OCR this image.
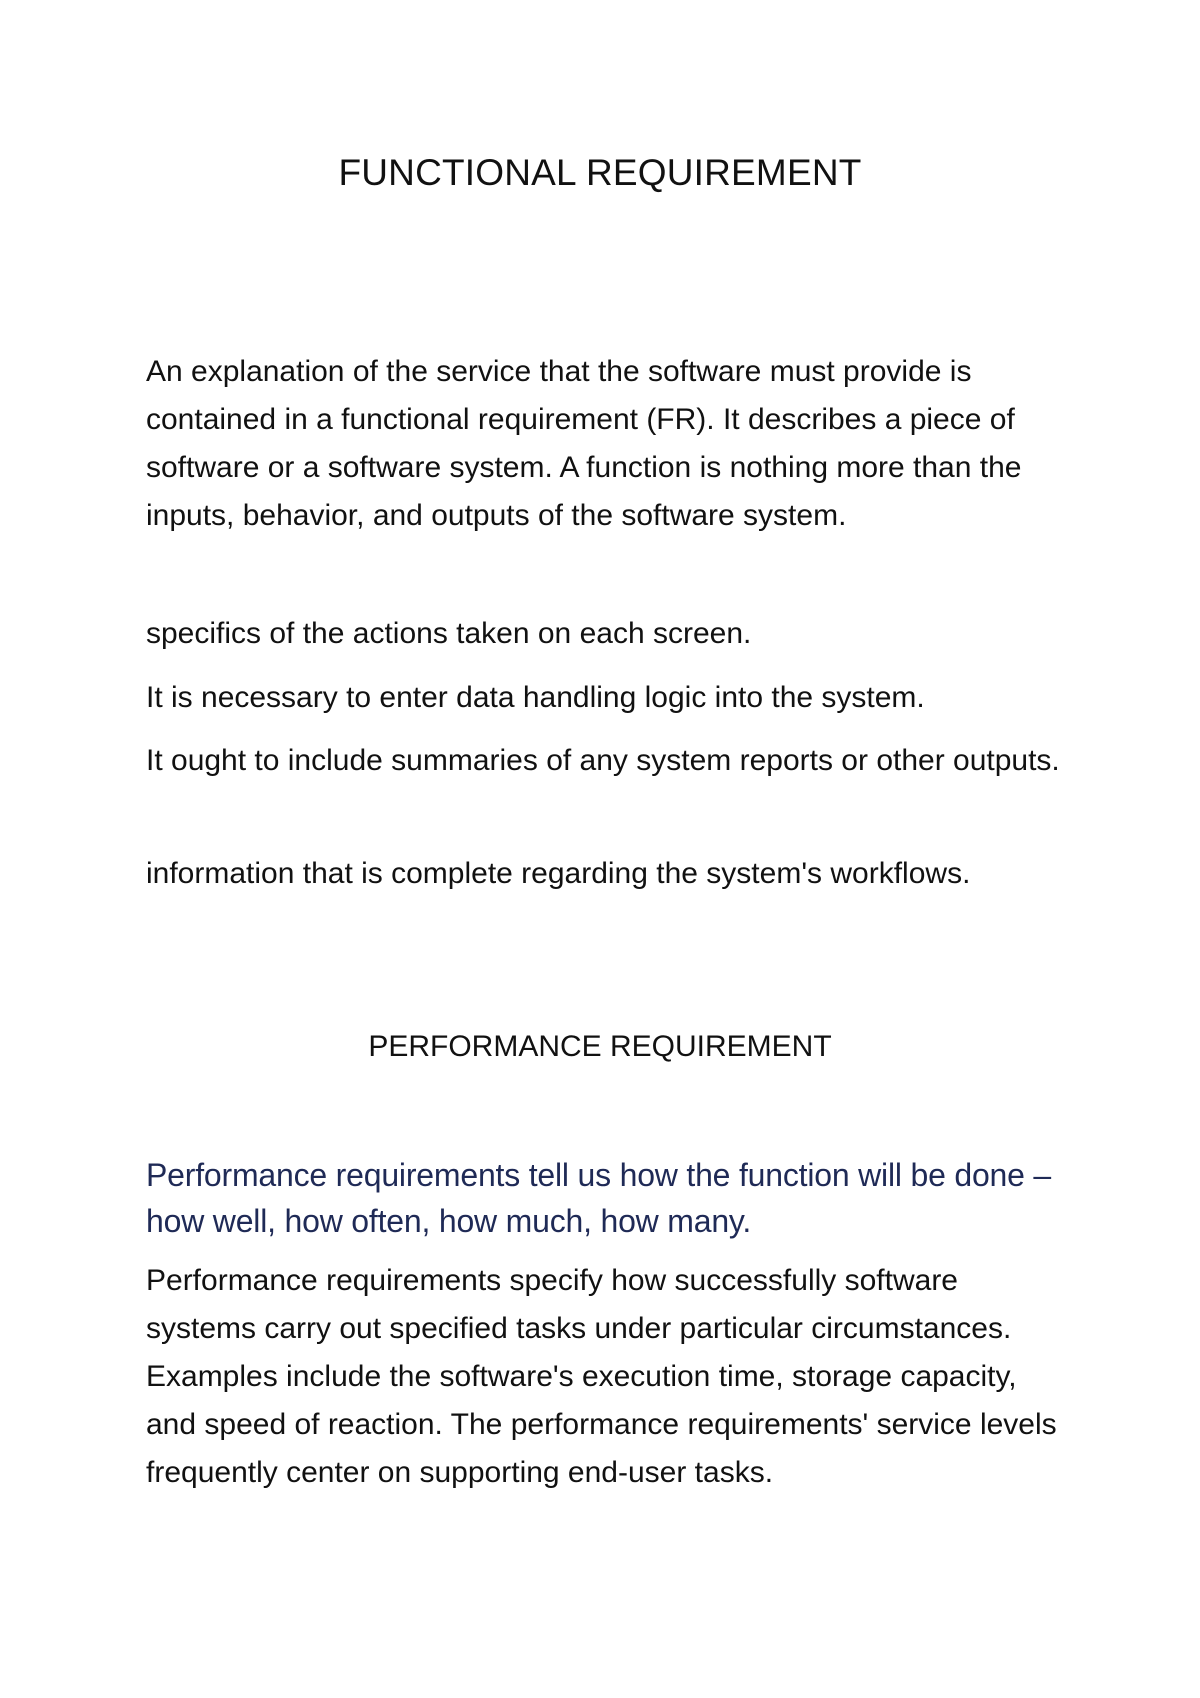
FUNCTIONAL REQUIREMENT

An explanation of the service that the software must provide is contained in a functional requirement (FR). It describes a piece of software or a software system. A function is nothing more than the inputs, behavior, and outputs of the software system.

specifics of the actions taken on each screen.

It is necessary to enter data handling logic into the system.

It ought to include summaries of any system reports or other outputs.

information that is complete regarding the system's workflows.

PERFORMANCE REQUIREMENT

Performance requirements tell us how the function will be done – how well, how often, how much, how many.

Performance requirements specify how successfully software systems carry out specified tasks under particular circumstances. Examples include the software's execution time, storage capacity, and speed of reaction. The performance requirements' service levels frequently center on supporting end-user tasks.
